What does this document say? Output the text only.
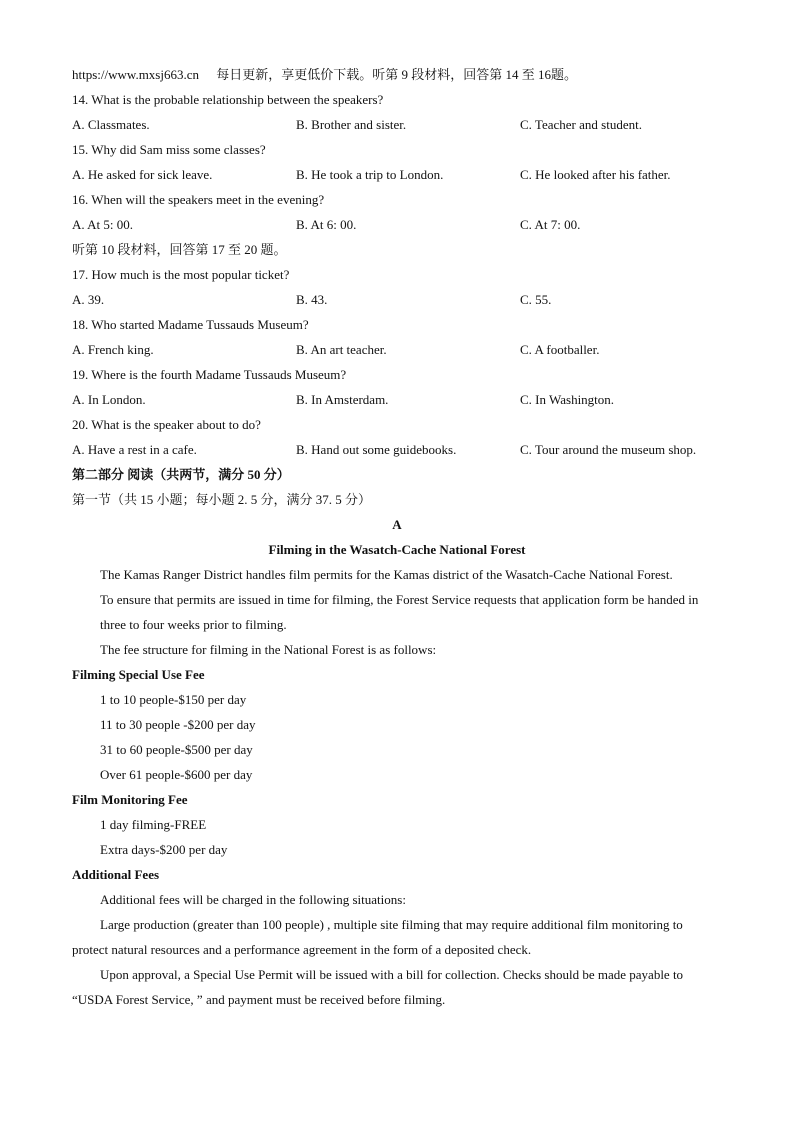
https://www.mxsj663.cn 每日更新，享更低价下载。听第 9 段材料，回答第 14 至 16题。
14. What is the probable relationship between the speakers?
A. Classmates.	B. Brother and sister.	C. Teacher and student.
15. Why did Sam miss some classes?
A. He asked for sick leave.	B. He took a trip to London.	C. He looked after his father.
16. When will the speakers meet in the evening?
A. At 5: 00.	B. At 6: 00.	C. At 7: 00.
听第 10 段材料，回答第 17 至 20 题。
17. How much is the most popular ticket?
A. 39.	B. 43.	C. 55.
18. Who started Madame Tussauds Museum?
A. French king.	B. An art teacher.	C. A footballer.
19. Where is the fourth Madame Tussauds Museum?
A. In London.	B. In Amsterdam.	C. In Washington.
20. What is the speaker about to do?
A. Have a rest in a cafe.	B. Hand out some guidebooks.	C. Tour around the museum shop.
第二部分 阅读（共两节，满分 50 分）
第一节（共 15 小题；每小题 2. 5 分，满分 37. 5 分）
A
Filming in the Wasatch-Cache National Forest
The Kamas Ranger District handles film permits for the Kamas district of the Wasatch-Cache National Forest.
To ensure that permits are issued in time for filming, the Forest Service requests that application form be handed in three to four weeks prior to filming.
The fee structure for filming in the National Forest is as follows:
Filming Special Use Fee
1 to 10 people-$150 per day
11 to 30 people -$200 per day
31 to 60 people-$500 per day
Over 61 people-$600 per day
Film Monitoring Fee
1 day filming-FREE
Extra days-$200 per day
Additional Fees
Additional fees will be charged in the following situations:
Large production (greater than 100 people) , multiple site filming that may require additional film monitoring to protect natural resources and a performance agreement in the form of a deposited check.
Upon approval, a Special Use Permit will be issued with a bill for collection. Checks should be made payable to “USDA Forest Service, ” and payment must be received before filming.
